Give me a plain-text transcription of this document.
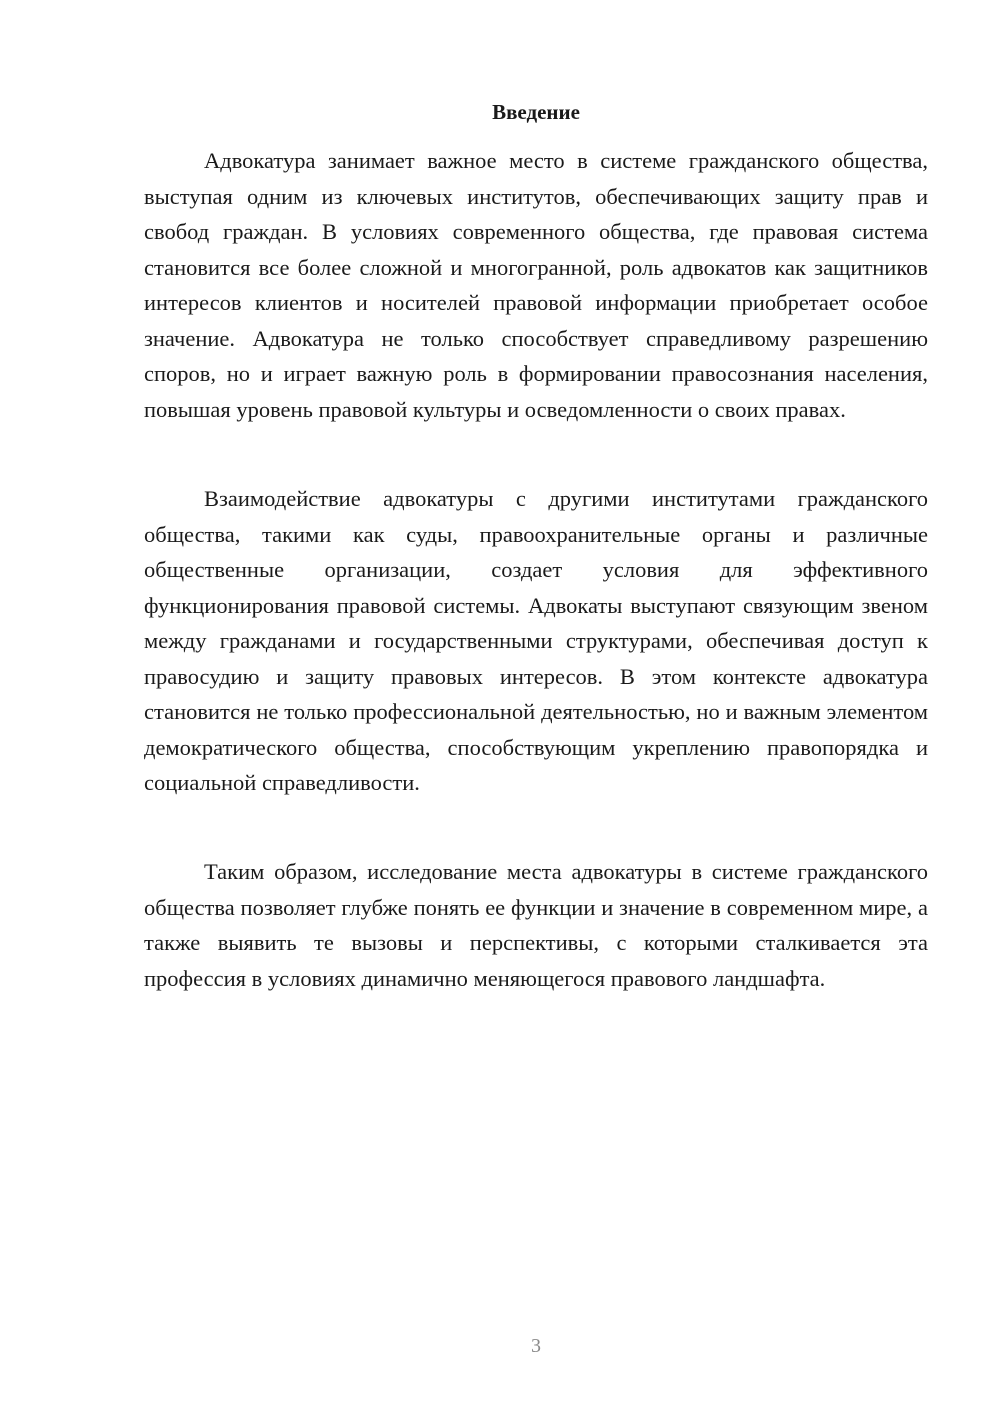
Введение

Адвокатура занимает важное место в системе гражданского общества, выступая одним из ключевых институтов, обеспечивающих защиту прав и свобод граждан. В условиях современного общества, где правовая система становится все более сложной и многогранной, роль адвокатов как защитников интересов клиентов и носителей правовой информации приобретает особое значение. Адвокатура не только способствует справедливому разрешению споров, но и играет важную роль в формировании правосознания населения, повышая уровень правовой культуры и осведомленности о своих правах.

Взаимодействие адвокатуры с другими институтами гражданского общества, такими как суды, правоохранительные органы и различные общественные организации, создает условия для эффективного функционирования правовой системы. Адвокаты выступают связующим звеном между гражданами и государственными структурами, обеспечивая доступ к правосудию и защиту правовых интересов. В этом контексте адвокатура становится не только профессиональной деятельностью, но и важным элементом демократического общества, способствующим укреплению правопорядка и социальной справедливости.

Таким образом, исследование места адвокатуры в системе гражданского общества позволяет глубже понять ее функции и значение в современном мире, а также выявить те вызовы и перспективы, с которыми сталкивается эта профессия в условиях динамично меняющегося правового ландшафта.

3
